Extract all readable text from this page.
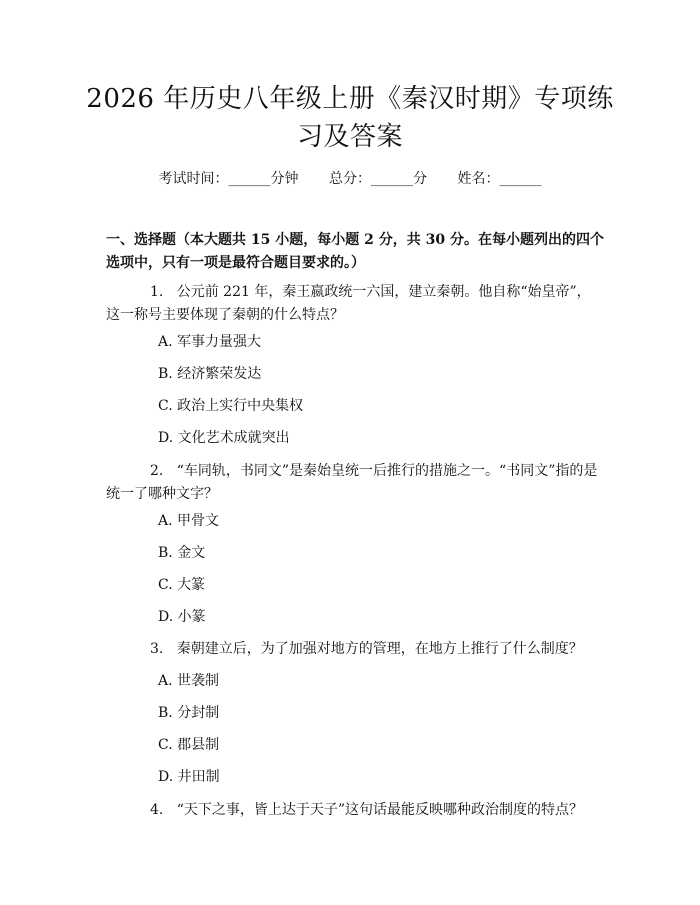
2026 年历史八年级上册《秦汉时期》专项练
习及答案
考试时间：______分钟 总分：______分 姓名：______
一、选择题（本大题共 15 小题，每小题 2 分，共 30 分。在每小题列出的四个选项中，只有一项是最符合题目要求的。）
1. 公元前 221 年，秦王嬴政统一六国，建立秦朝。他自称“始皇帝”，这一称号主要体现了秦朝的什么特点？
A. 军事力量强大
B. 经济繁荣发达
C. 政治上实行中央集权
D. 文化艺术成就突出
2. “车同轨，书同文”是秦始皇统一后推行的措施之一。“书同文”指的是统一了哪种文字？
A. 甲骨文
B. 金文
C. 大篆
D. 小篆
3. 秦朝建立后，为了加强对地方的管理，在地方上推行了什么制度？
A. 世袭制
B. 分封制
C. 郡县制
D. 井田制
4. “天下之事，皆上达于天子”这句话最能反映哪种政治制度的特点？
